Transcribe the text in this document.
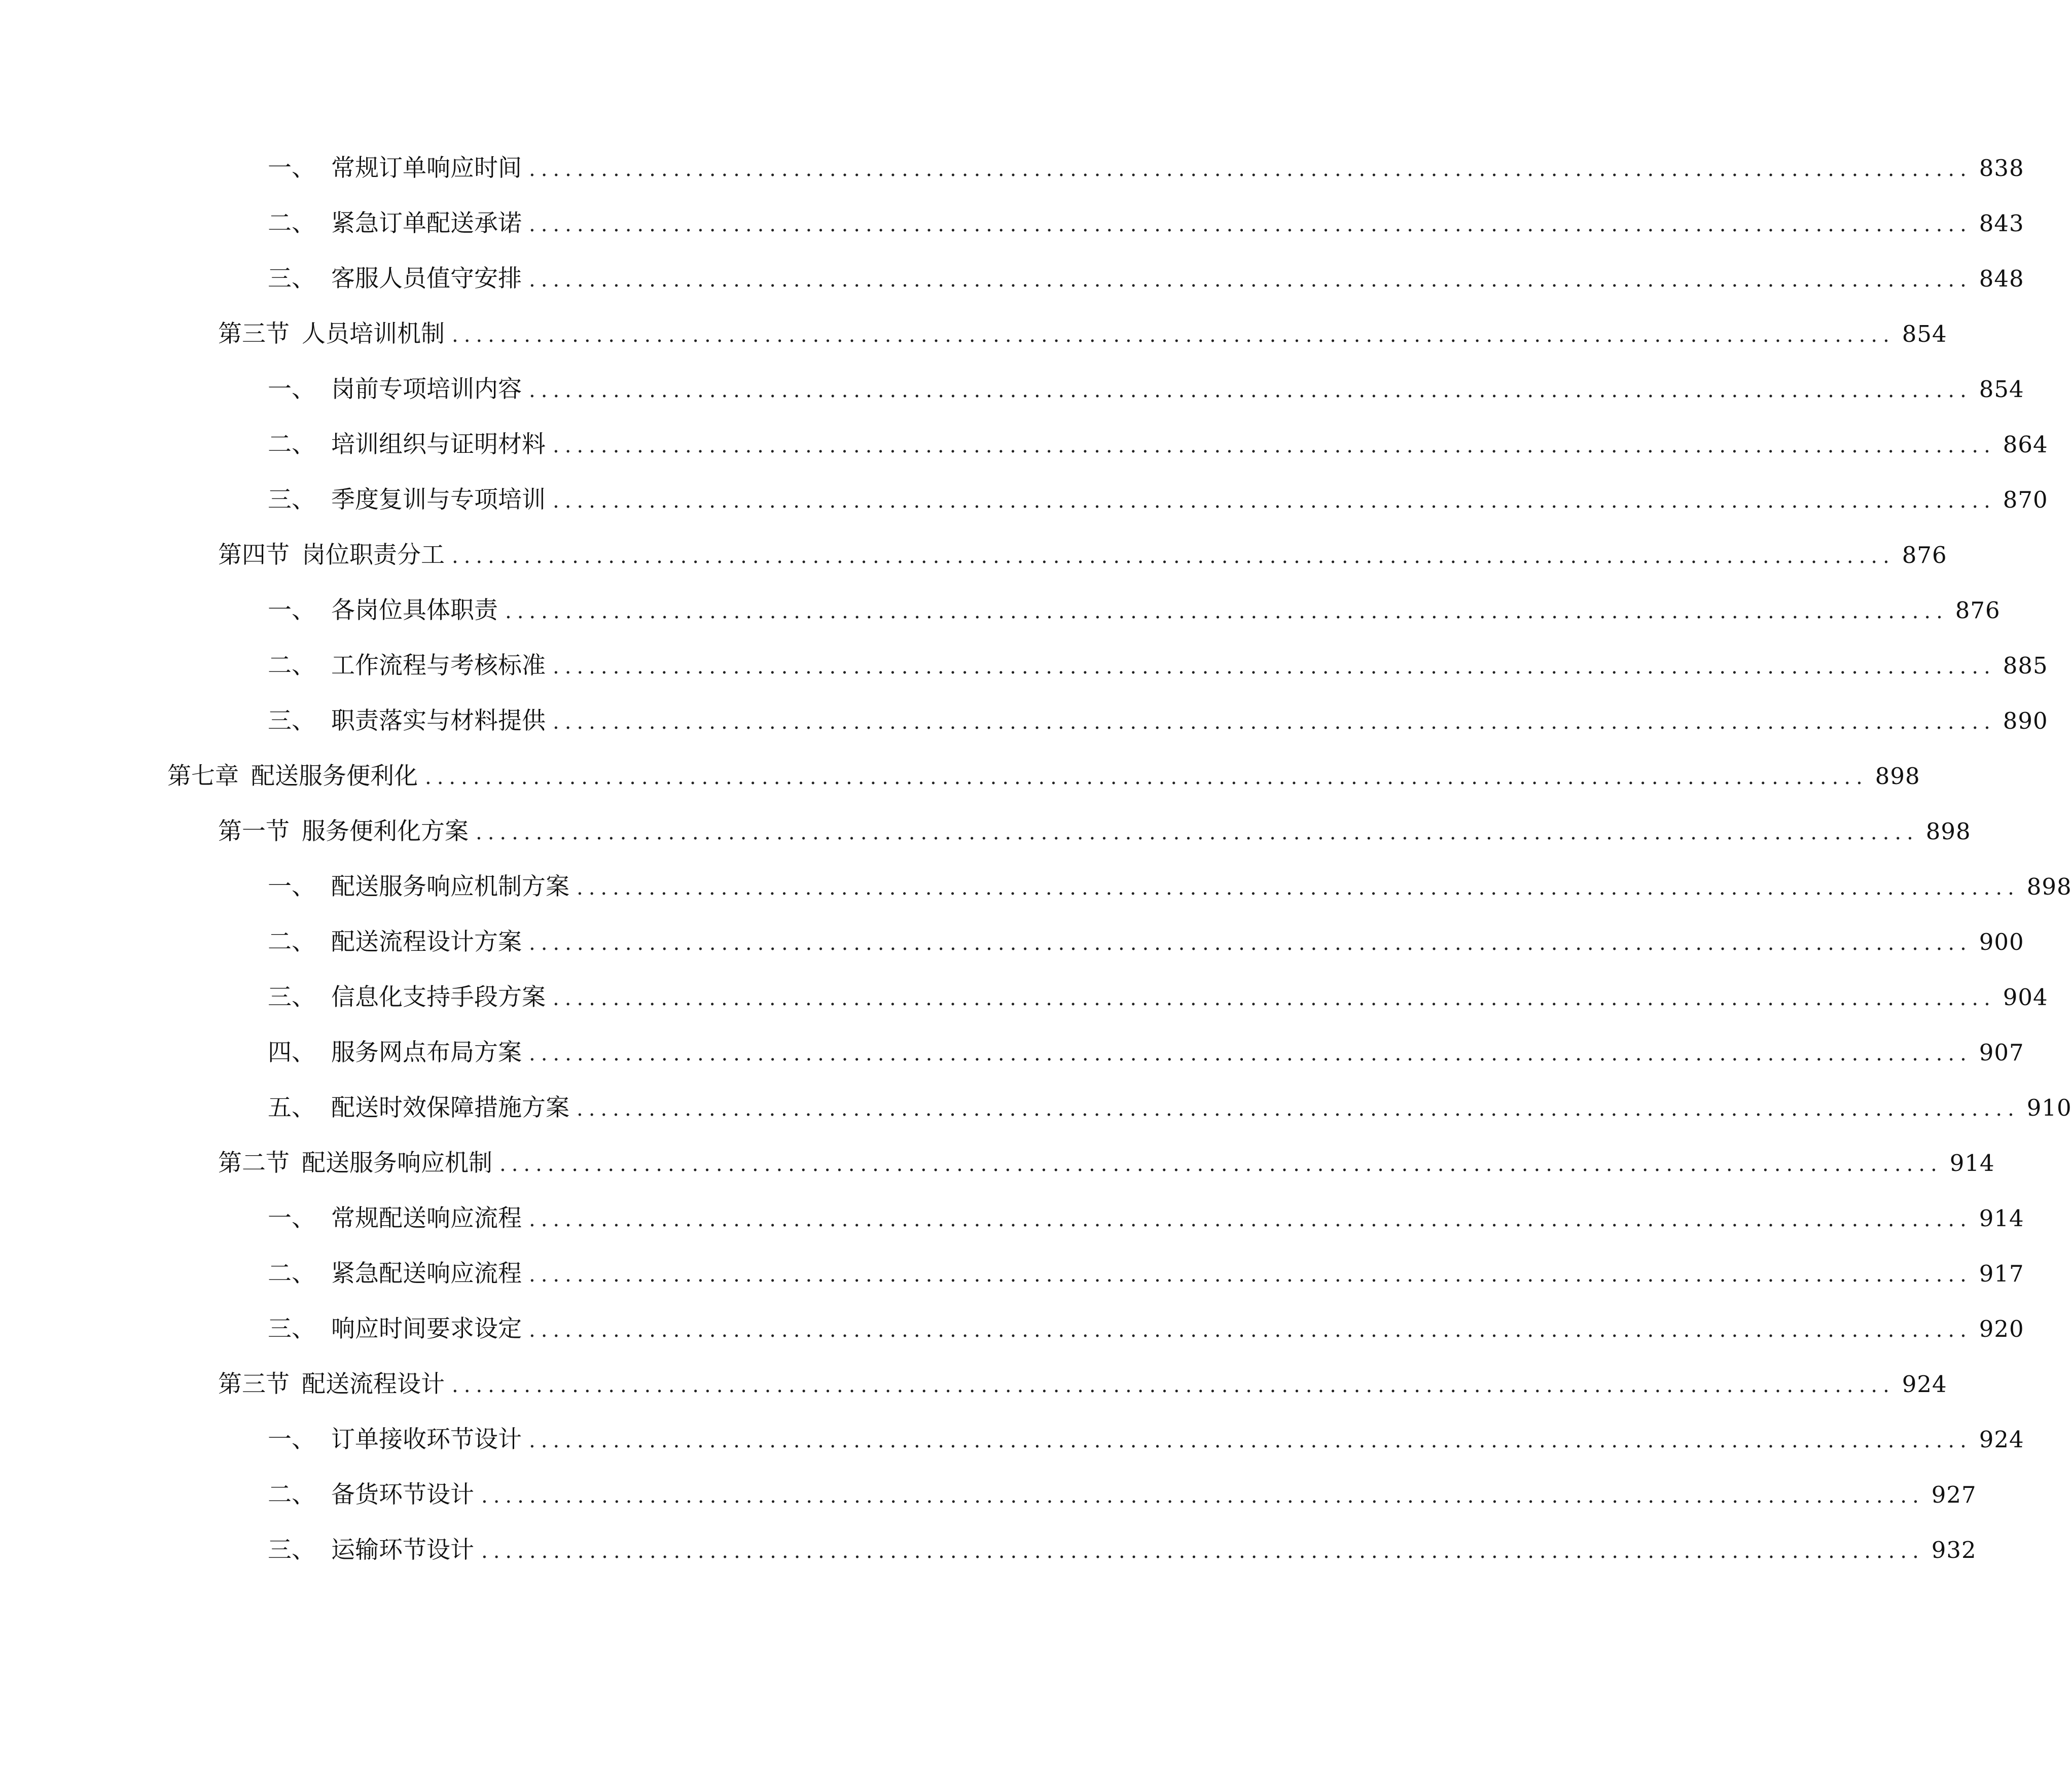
一、 常规订单响应时间 ........................................................................................................................ 838
二、 紧急订单配送承诺 ........................................................................................................................ 843
三、 客服人员值守安排 ........................................................................................................................ 848
第三节 人员培训机制 ........................................................................................................................ 854
一、 岗前专项培训内容 ........................................................................................................................ 854
二、 培训组织与证明材料 ........................................................................................................................ 864
三、 季度复训与专项培训 ........................................................................................................................ 870
第四节 岗位职责分工 ........................................................................................................................ 876
一、 各岗位具体职责 ........................................................................................................................ 876
二、 工作流程与考核标准 ........................................................................................................................ 885
三、 职责落实与材料提供 ........................................................................................................................ 890
第七章 配送服务便利化 ........................................................................................................................ 898
第一节 服务便利化方案 ........................................................................................................................ 898
一、 配送服务响应机制方案 ........................................................................................................................ 898
二、 配送流程设计方案 ........................................................................................................................ 900
三、 信息化支持手段方案 ........................................................................................................................ 904
四、 服务网点布局方案 ........................................................................................................................ 907
五、 配送时效保障措施方案 ........................................................................................................................ 910
第二节 配送服务响应机制 ........................................................................................................................ 914
一、 常规配送响应流程 ........................................................................................................................ 914
二、 紧急配送响应流程 ........................................................................................................................ 917
三、 响应时间要求设定 ........................................................................................................................ 920
第三节 配送流程设计 ........................................................................................................................ 924
一、 订单接收环节设计 ........................................................................................................................ 924
二、 备货环节设计 ........................................................................................................................ 927
三、 运输环节设计 ........................................................................................................................ 932
